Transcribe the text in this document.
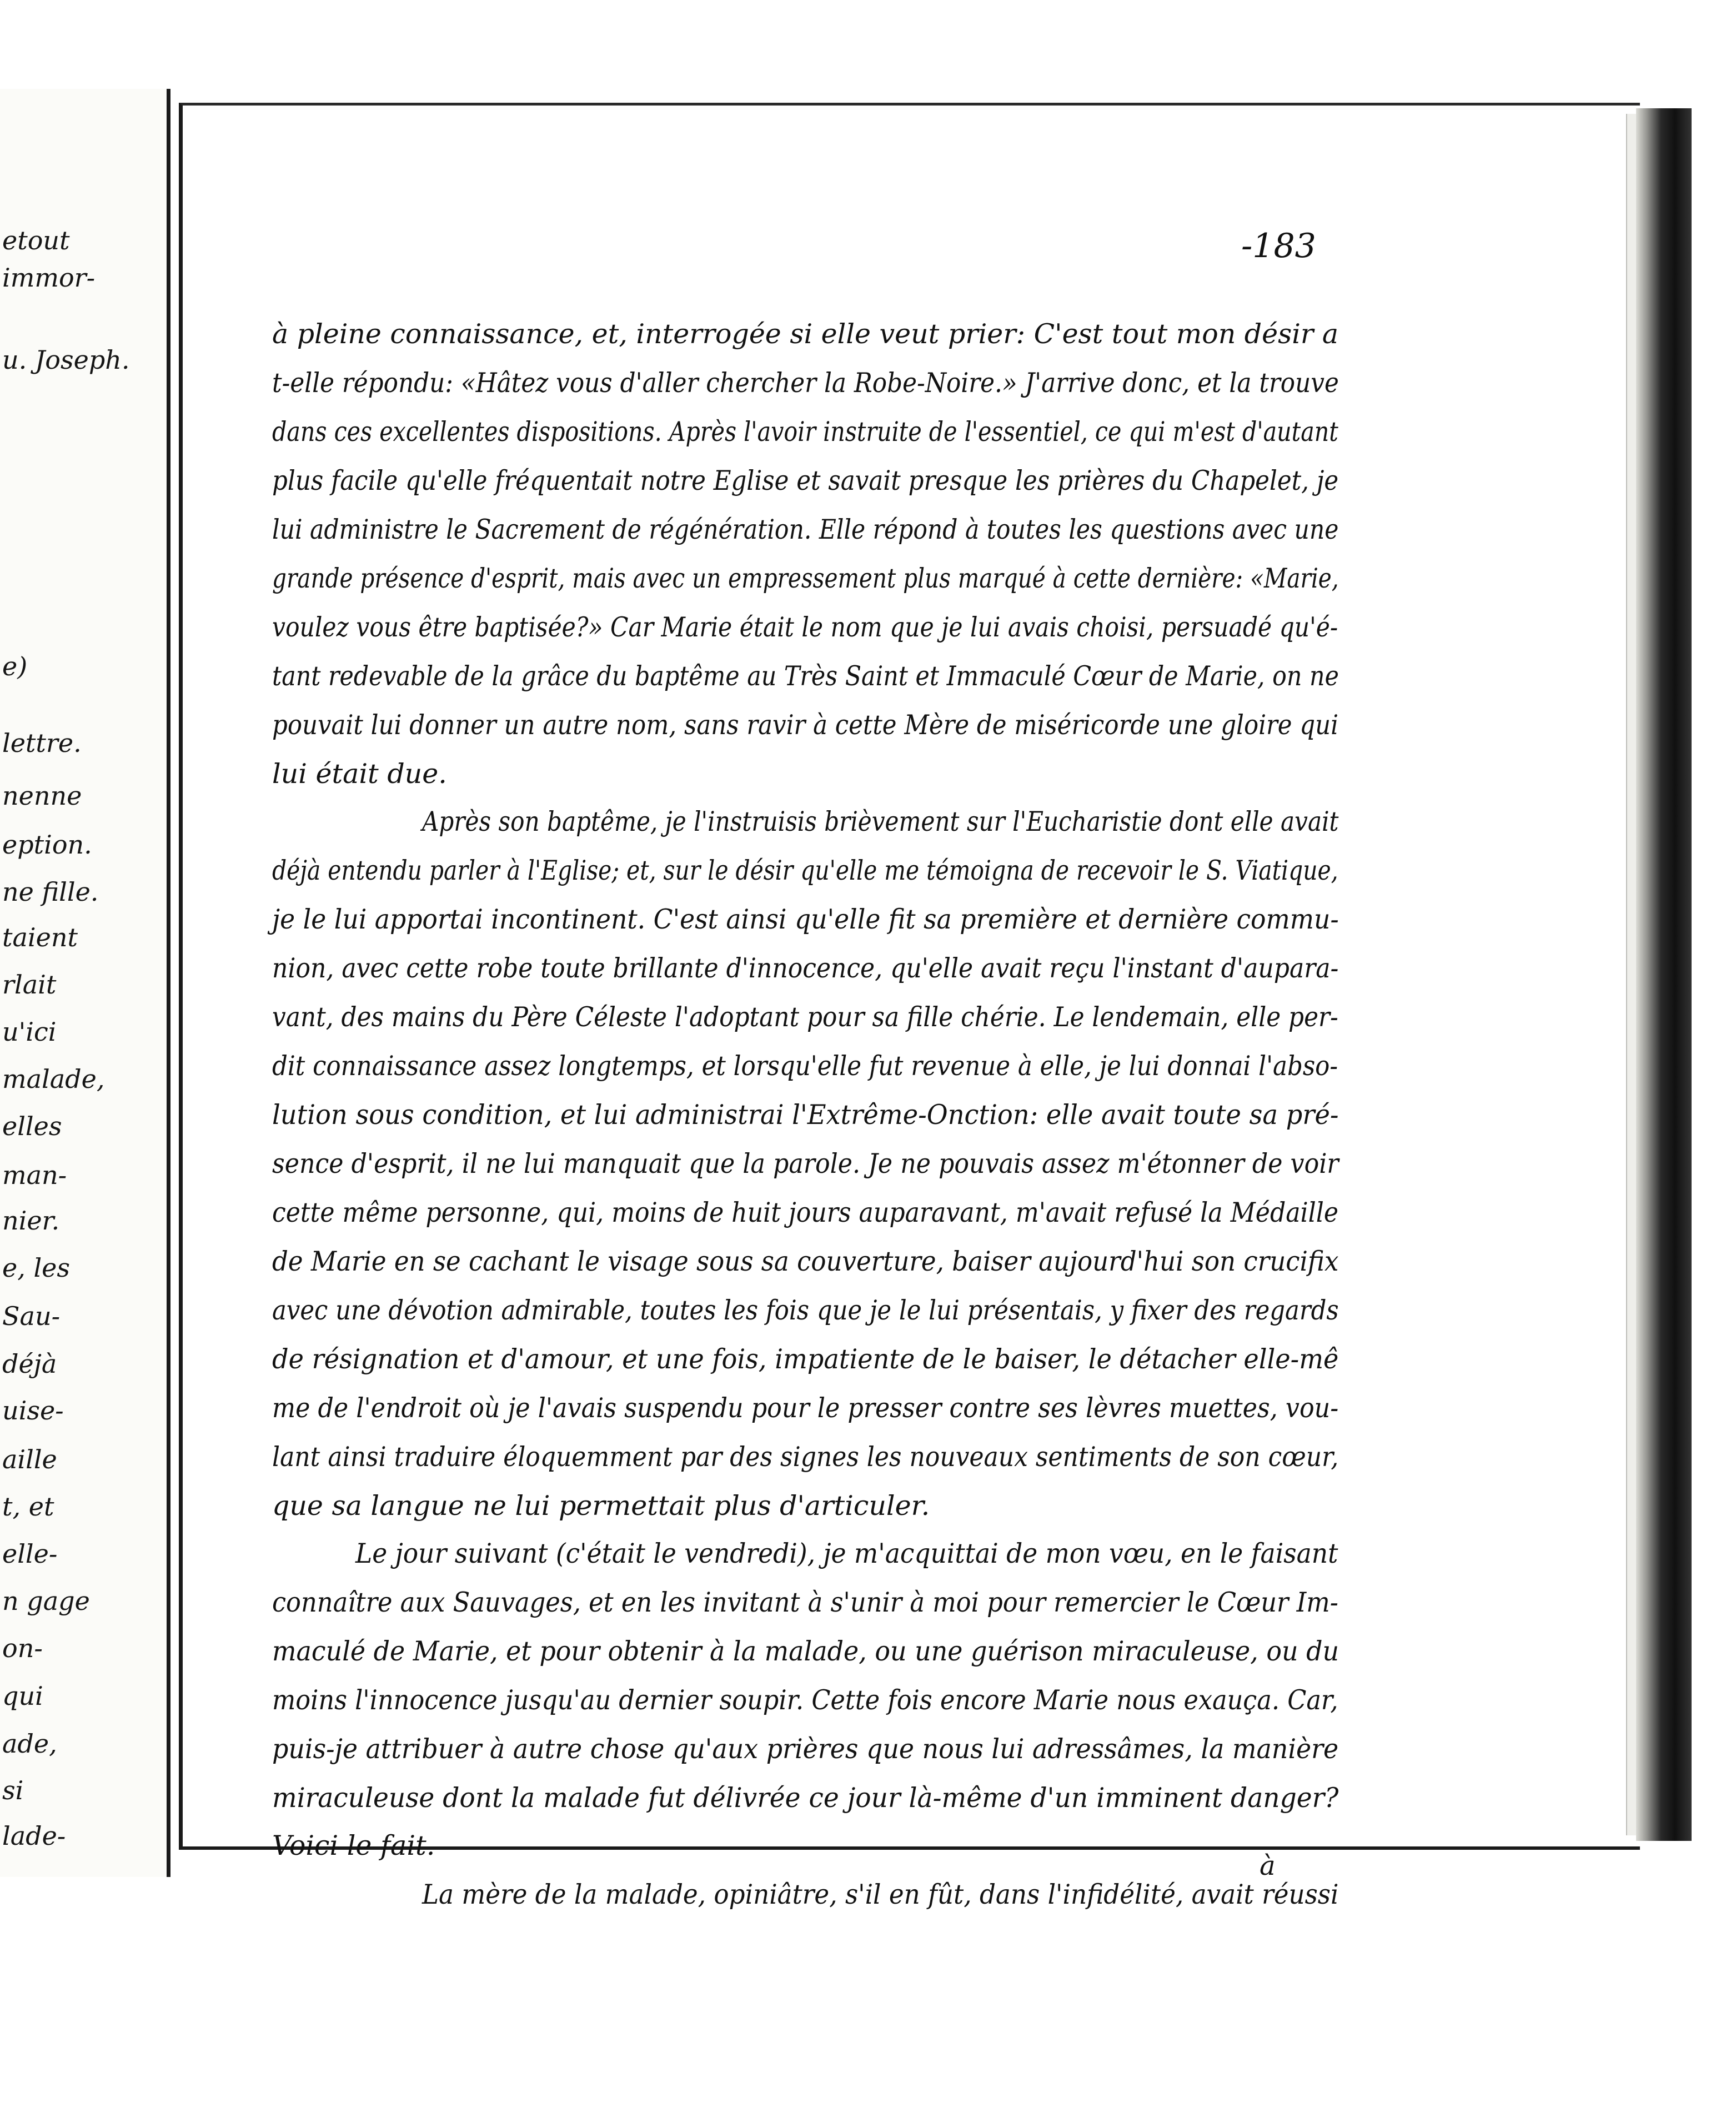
etout
immor-
u. Joseph.
e)
lettre.
nenne
eption.
ne fille.
taient
rlait
u'ici
malade,
elles
man-
nier.
e, les
Sau-
déjà
uise-
aille
t, et
elle-
n gage
on-
qui
ade,
si
lade-
-183
à pleine connaissance, et, interrogée si elle veut prier: C'est tout mon désir a
t-elle répondu: «Hâtez vous d'aller chercher la Robe-Noire.» J'arrive donc, et la trouve
dans ces excellentes dispositions. Après l'avoir instruite de l'essentiel, ce qui m'est d'autant
plus facile qu'elle fréquentait notre Eglise et savait presque les prières du Chapelet, je
lui administre le Sacrement de régénération. Elle répond à toutes les questions avec une
grande présence d'esprit, mais avec un empressement plus marqué à cette dernière: «Marie,
voulez vous être baptisée?» Car Marie était le nom que je lui avais choisi, persuadé qu'é-
tant redevable de la grâce du baptême au Très Saint et Immaculé Cœur de Marie, on ne
pouvait lui donner un autre nom, sans ravir à cette Mère de miséricorde une gloire qui
lui était due.
Après son baptême, je l'instruisis brièvement sur l'Eucharistie dont elle avait
déjà entendu parler à l'Eglise; et, sur le désir qu'elle me témoigna de recevoir le S. Viatique,
je le lui apportai incontinent. C'est ainsi qu'elle fit sa première et dernière commu-
nion, avec cette robe toute brillante d'innocence, qu'elle avait reçu l'instant d'aupara-
vant, des mains du Père Céleste l'adoptant pour sa fille chérie. Le lendemain, elle per-
dit connaissance assez longtemps, et lorsqu'elle fut revenue à elle, je lui donnai l'abso-
lution sous condition, et lui administrai l'Extrême-Onction: elle avait toute sa pré-
sence d'esprit, il ne lui manquait que la parole. Je ne pouvais assez m'étonner de voir
cette même personne, qui, moins de huit jours auparavant, m'avait refusé la Médaille
de Marie en se cachant le visage sous sa couverture, baiser aujourd'hui son crucifix
avec une dévotion admirable, toutes les fois que je le lui présentais, y fixer des regards
de résignation et d'amour, et une fois, impatiente de le baiser, le détacher elle-mê
me de l'endroit où je l'avais suspendu pour le presser contre ses lèvres muettes, vou-
lant ainsi traduire éloquemment par des signes les nouveaux sentiments de son cœur,
que sa langue ne lui permettait plus d'articuler.
Le jour suivant (c'était le vendredi), je m'acquittai de mon vœu, en le faisant
connaître aux Sauvages, et en les invitant à s'unir à moi pour remercier le Cœur Im-
maculé de Marie, et pour obtenir à la malade, ou une guérison miraculeuse, ou du
moins l'innocence jusqu'au dernier soupir. Cette fois encore Marie nous exauça. Car,
puis-je attribuer à autre chose qu'aux prières que nous lui adressâmes, la manière
miraculeuse dont la malade fut délivrée ce jour là-même d'un imminent danger?
Voici le fait.
La mère de la malade, opiniâtre, s'il en fût, dans l'infidélité, avait réussi
à
